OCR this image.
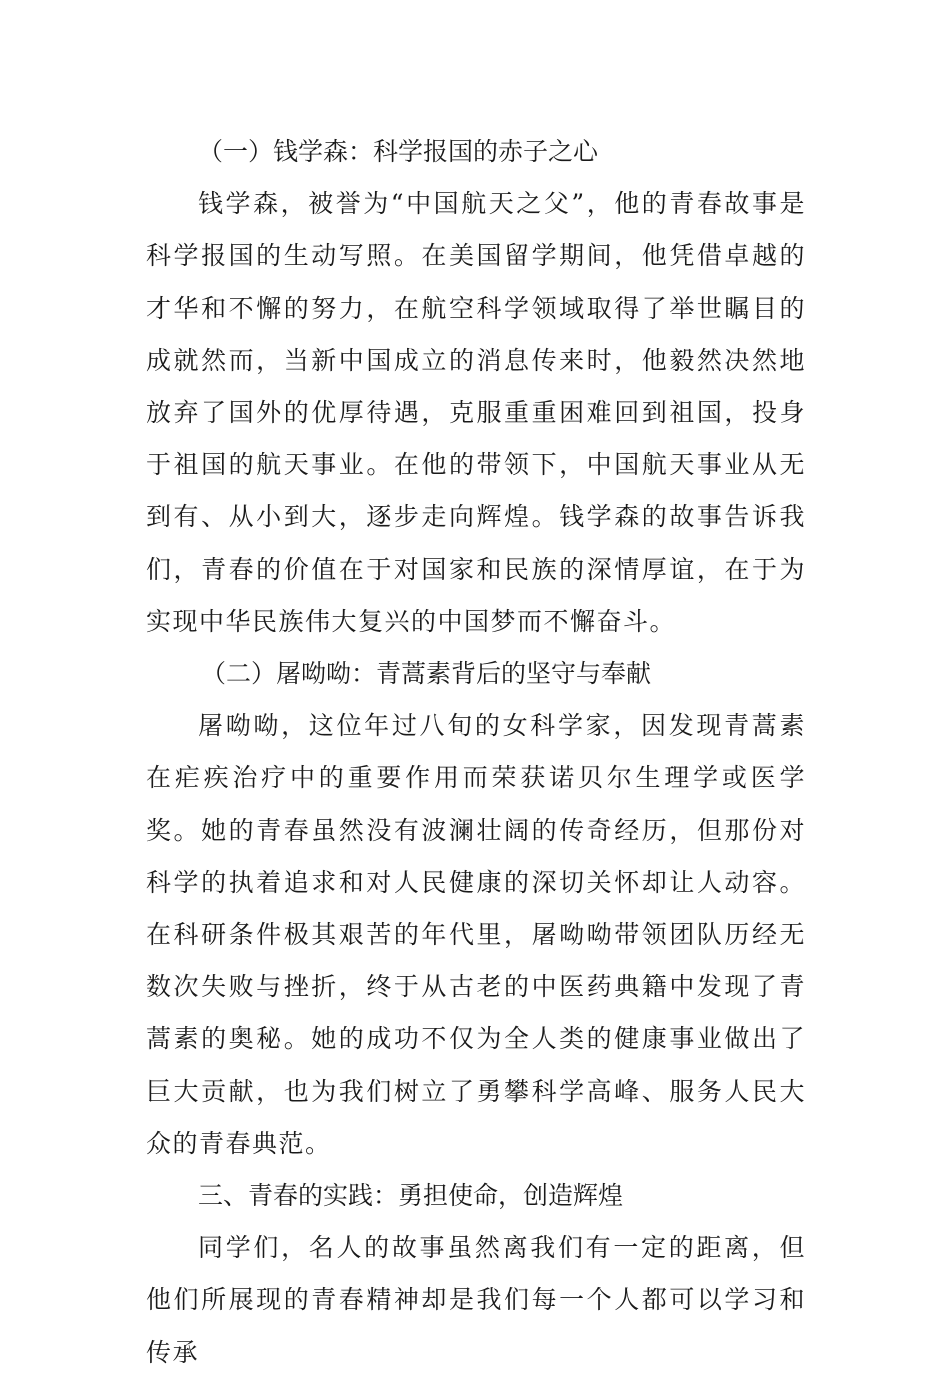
（一）钱学森：科学报国的赤子之心

钱学森，被誉为“中国航天之父”，他的青春故事是科学报国的生动写照。在美国留学期间，他凭借卓越的才华和不懈的努力，在航空科学领域取得了举世瞩目的成就然而，当新中国成立的消息传来时，他毅然决然地放弃了国外的优厚待遇，克服重重困难回到祖国，投身于祖国的航天事业。在他的带领下，中国航天事业从无到有、从小到大，逐步走向辉煌。钱学森的故事告诉我们，青春的价值在于对国家和民族的深情厚谊，在于为实现中华民族伟大复兴的中国梦而不懈奋斗。

（二）屠呦呦：青蒿素背后的坚守与奉献

屠呦呦，这位年过八旬的女科学家，因发现青蒿素在疟疾治疗中的重要作用而荣获诺贝尔生理学或医学奖。她的青春虽然没有波澜壮阔的传奇经历，但那份对科学的执着追求和对人民健康的深切关怀却让人动容。在科研条件极其艰苦的年代里，屠呦呦带领团队历经无数次失败与挫折，终于从古老的中医药典籍中发现了青蒿素的奥秘。她的成功不仅为全人类的健康事业做出了巨大贡献，也为我们树立了勇攀科学高峰、服务人民大众的青春典范。

三、青春的实践：勇担使命，创造辉煌

同学们，名人的故事虽然离我们有一定的距离，但他们所展现的青春精神却是我们每一个人都可以学习和传承
